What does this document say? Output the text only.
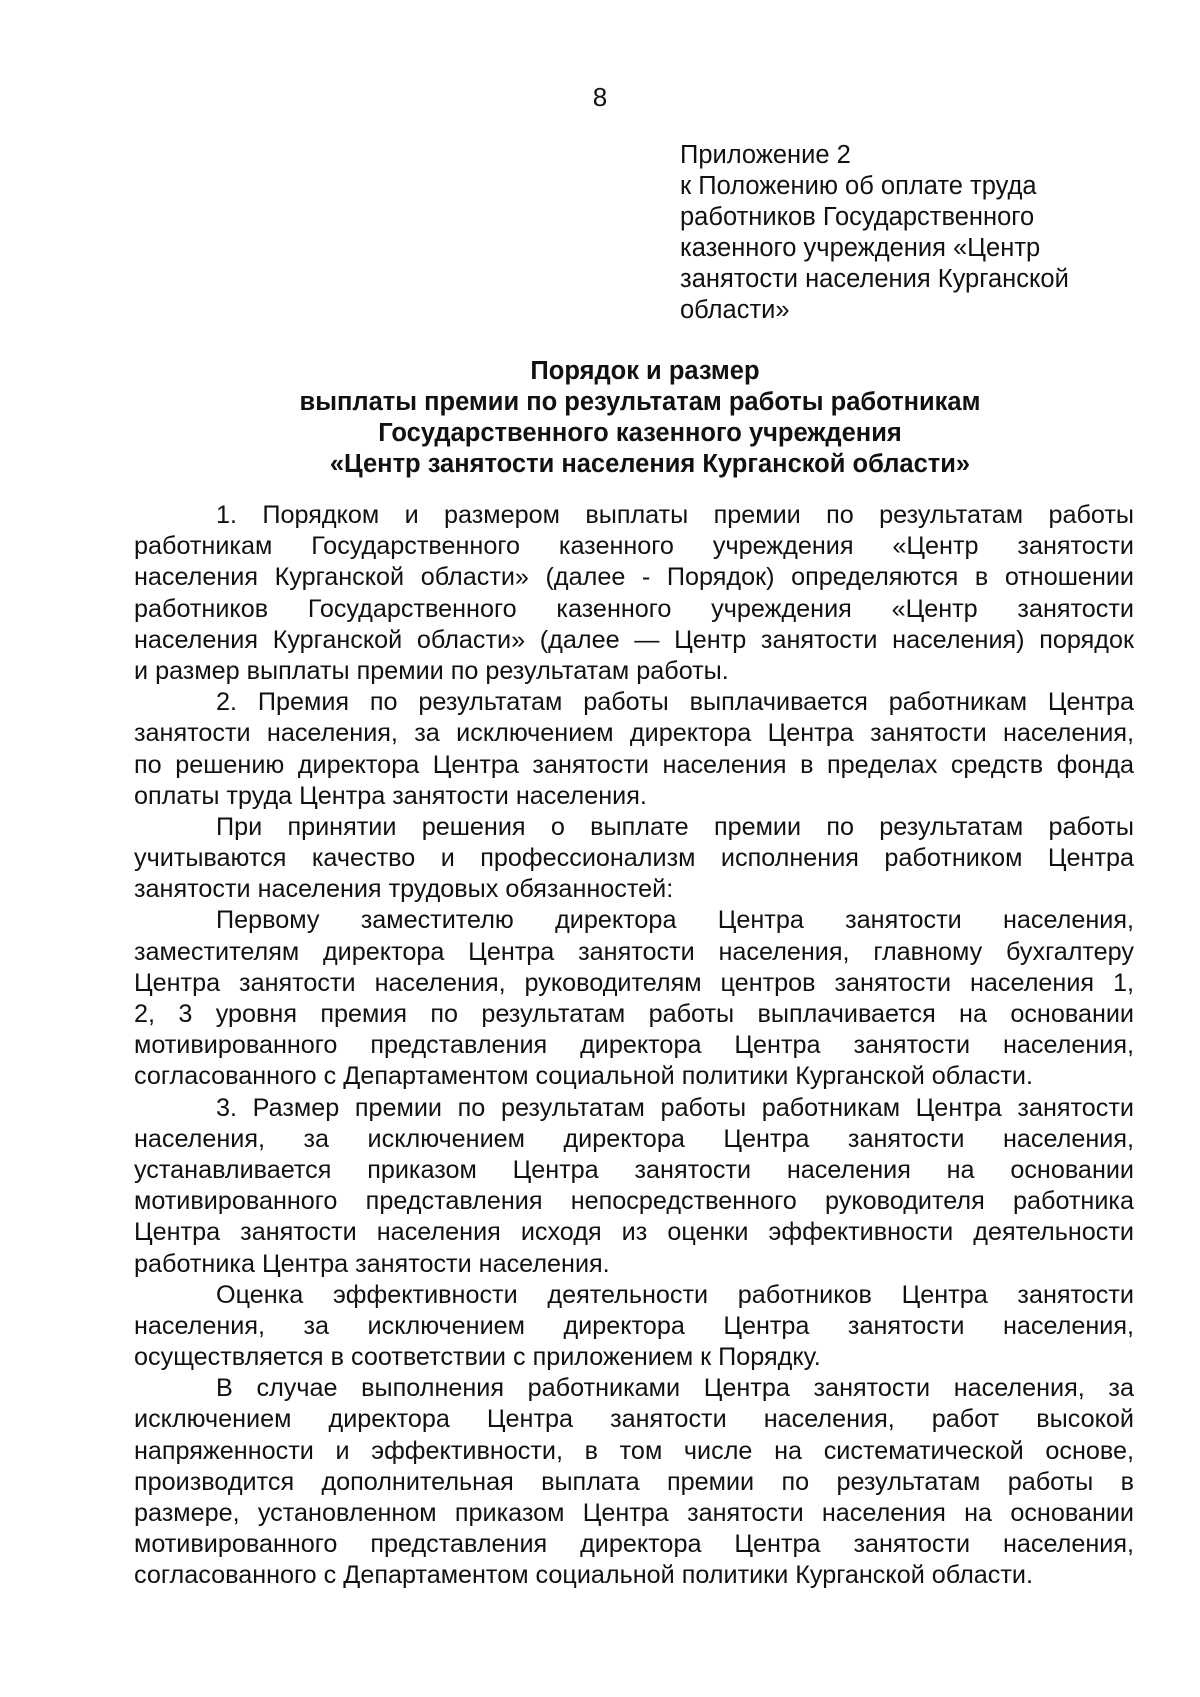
8
Приложение 2
к Положению об оплате труда
работников Государственного
казенного учреждения «Центр
занятости населения Курганской
области»
Порядок и размер
выплаты премии по результатам работы работникам
Государственного казенного учреждения
«Центр занятости населения Курганской области»
1. Порядком и размером выплаты премии по результатам работы
работникам Государственного казенного учреждения «Центр занятости
населения Курганской области» (далее - Порядок) определяются в отношении
работников Государственного казенного учреждения «Центр занятости
населения Курганской области» (далее — Центр занятости населения) порядок
и размер выплаты премии по результатам работы.
2. Премия по результатам работы выплачивается работникам Центра
занятости населения, за исключением директора Центра занятости населения,
по решению директора Центра занятости населения в пределах средств фонда
оплаты труда Центра занятости населения.
При принятии решения о выплате премии по результатам работы
учитываются качество и профессионализм исполнения работником Центра
занятости населения трудовых обязанностей:
Первому заместителю директора Центра занятости населения,
заместителям директора Центра занятости населения, главному бухгалтеру
Центра занятости населения, руководителям центров занятости населения 1,
2, 3 уровня премия по результатам работы выплачивается на основании
мотивированного представления директора Центра занятости населения,
согласованного с Департаментом социальной политики Курганской области.
3. Размер премии по результатам работы работникам Центра занятости
населения, за исключением директора Центра занятости населения,
устанавливается приказом Центра занятости населения на основании
мотивированного представления непосредственного руководителя работника
Центра занятости населения исходя из оценки эффективности деятельности
работника Центра занятости населения.
Оценка эффективности деятельности работников Центра занятости
населения, за исключением директора Центра занятости населения,
осуществляется в соответствии с приложением к Порядку.
В случае выполнения работниками Центра занятости населения, за
исключением директора Центра занятости населения, работ высокой
напряженности и эффективности, в том числе на систематической основе,
производится дополнительная выплата премии по результатам работы в
размере, установленном приказом Центра занятости населения на основании
мотивированного представления директора Центра занятости населения,
согласованного с Департаментом социальной политики Курганской области.
